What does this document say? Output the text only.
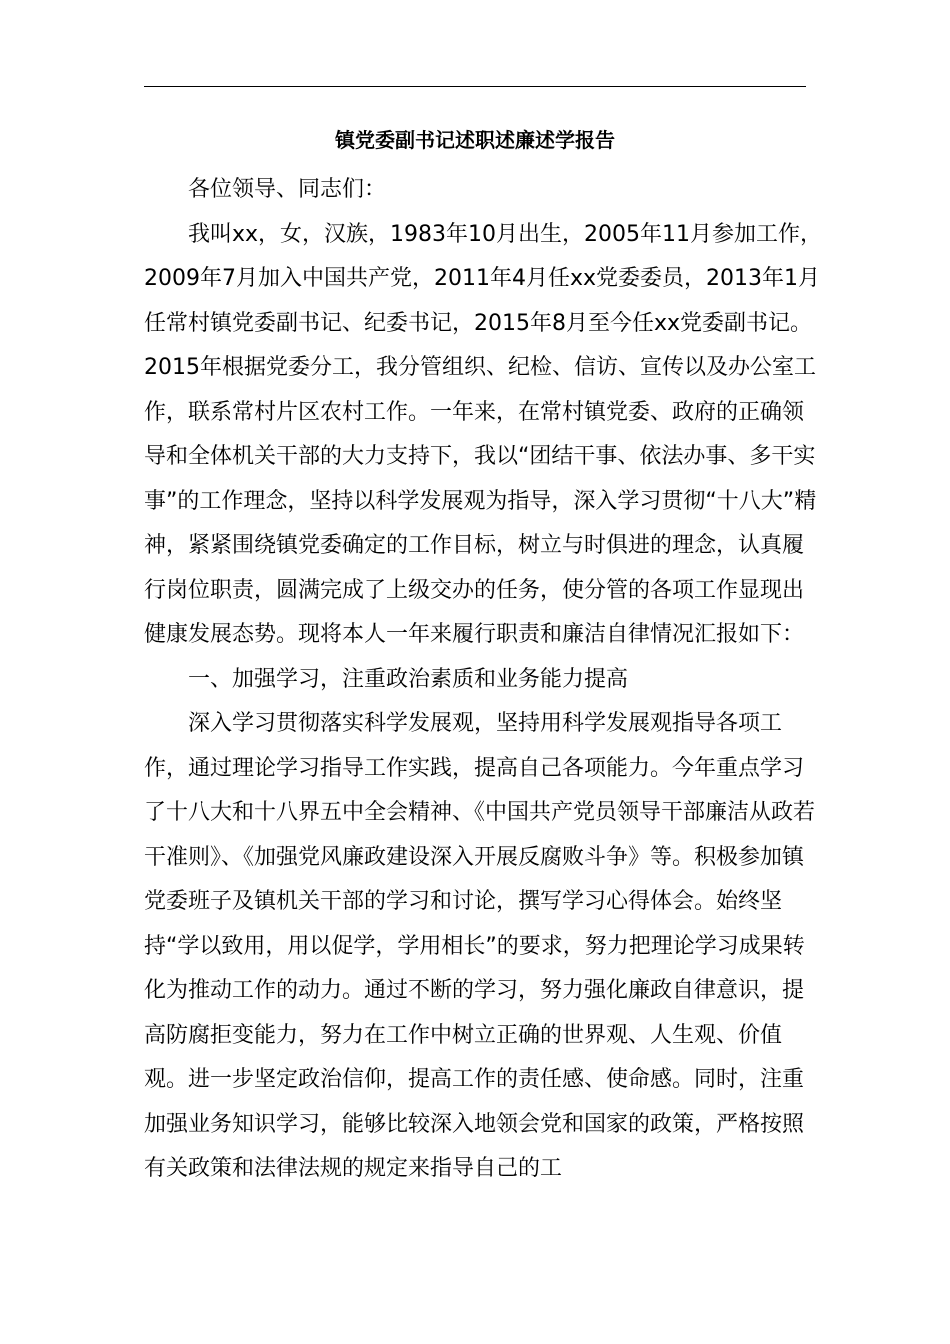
镇党委副书记述职述廉述学报告

各位领导、同志们：

我叫xx，女，汉族，1983年10月出生，2005年11月参加工作，2009年7月加入中国共产党，2011年4月任xx党委委员，2013年1月任常村镇党委副书记、纪委书记，2015年8月至今任xx党委副书记。2015年根据党委分工，我分管组织、纪检、信访、宣传以及办公室工作，联系常村片区农村工作。一年来，在常村镇党委、政府的正确领导和全体机关干部的大力支持下，我以“团结干事、依法办事、多干实事”的工作理念，坚持以科学发展观为指导，深入学习贯彻“十八大”精神，紧紧围绕镇党委确定的工作目标，树立与时俱进的理念，认真履行岗位职责，圆满完成了上级交办的任务，使分管的各项工作显现出健康发展态势。现将本人一年来履行职责和廉洁自律情况汇报如下：

一、加强学习，注重政治素质和业务能力提高

深入学习贯彻落实科学发展观，坚持用科学发展观指导各项工作，通过理论学习指导工作实践，提高自己各项能力。今年重点学习了十八大和十八界五中全会精神、《中国共产党员领导干部廉洁从政若干准则》、《加强党风廉政建设深入开展反腐败斗争》等。积极参加镇党委班子及镇机关干部的学习和讨论，撰写学习心得体会。始终坚持“学以致用，用以促学，学用相长”的要求，努力把理论学习成果转化为推动工作的动力。通过不断的学习，努力强化廉政自律意识，提高防腐拒变能力，努力在工作中树立正确的世界观、人生观、价值观。进一步坚定政治信仰，提高工作的责任感、使命感。同时，注重加强业务知识学习，能够比较深入地领会党和国家的政策，严格按照有关政策和法律法规的规定来指导自己的工
